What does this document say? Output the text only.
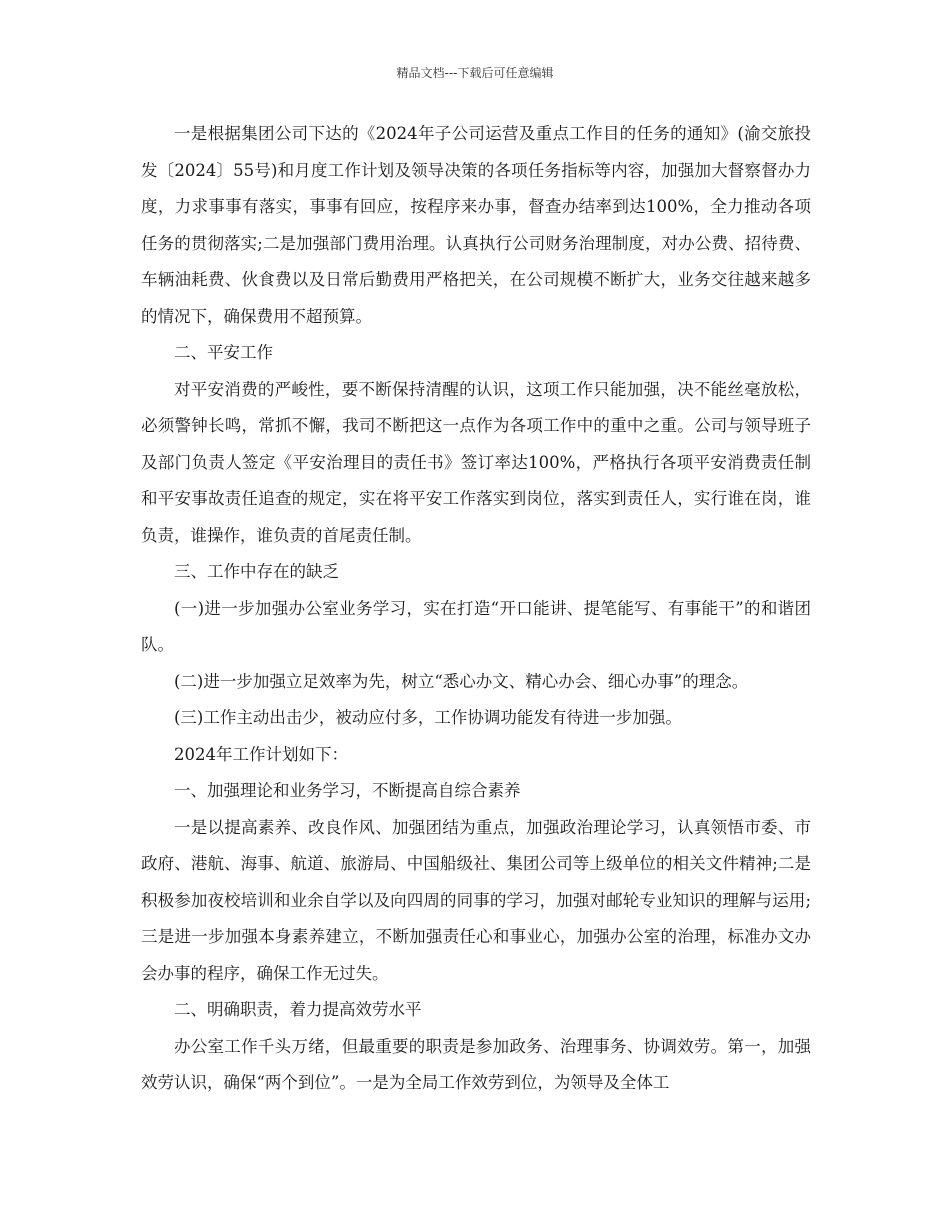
精品文档---下载后可任意编辑

一是根据集团公司下达的《2024年子公司运营及重点工作目的任务的通知》(渝交旅投发〔2024〕55号)和月度工作计划及领导决策的各项任务指标等内容，加强加大督察督办力度，力求事事有落实，事事有回应，按程序来办事，督查办结率到达100%，全力推动各项任务的贯彻落实;二是加强部门费用治理。认真执行公司财务治理制度，对办公费、招待费、车辆油耗费、伙食费以及日常后勤费用严格把关，在公司规模不断扩大，业务交往越来越多的情况下，确保费用不超预算。

二、平安工作

对平安消费的严峻性，要不断保持清醒的认识，这项工作只能加强，决不能丝毫放松，必须警钟长鸣，常抓不懈，我司不断把这一点作为各项工作中的重中之重。公司与领导班子及部门负责人签定《平安治理目的责任书》签订率达100%，严格执行各项平安消费责任制和平安事故责任追查的规定，实在将平安工作落实到岗位，落实到责任人，实行谁在岗，谁负责，谁操作，谁负责的首尾责任制。

三、工作中存在的缺乏

(一)进一步加强办公室业务学习，实在打造“开口能讲、提笔能写、有事能干”的和谐团队。

(二)进一步加强立足效率为先，树立“悉心办文、精心办会、细心办事”的理念。

(三)工作主动出击少，被动应付多，工作协调功能发有待进一步加强。

2024年工作计划如下：

一、加强理论和业务学习，不断提高自综合素养

一是以提高素养、改良作风、加强团结为重点，加强政治理论学习，认真领悟市委、市政府、港航、海事、航道、旅游局、中国船级社、集团公司等上级单位的相关文件精神;二是积极参加夜校培训和业余自学以及向四周的同事的学习，加强对邮轮专业知识的理解与运用;三是进一步加强本身素养建立，不断加强责任心和事业心，加强办公室的治理，标准办文办会办事的程序，确保工作无过失。

二、明确职责，着力提高效劳水平

办公室工作千头万绪，但最重要的职责是参加政务、治理事务、协调效劳。第一，加强效劳认识，确保“两个到位”。一是为全局工作效劳到位，为领导及全体工
